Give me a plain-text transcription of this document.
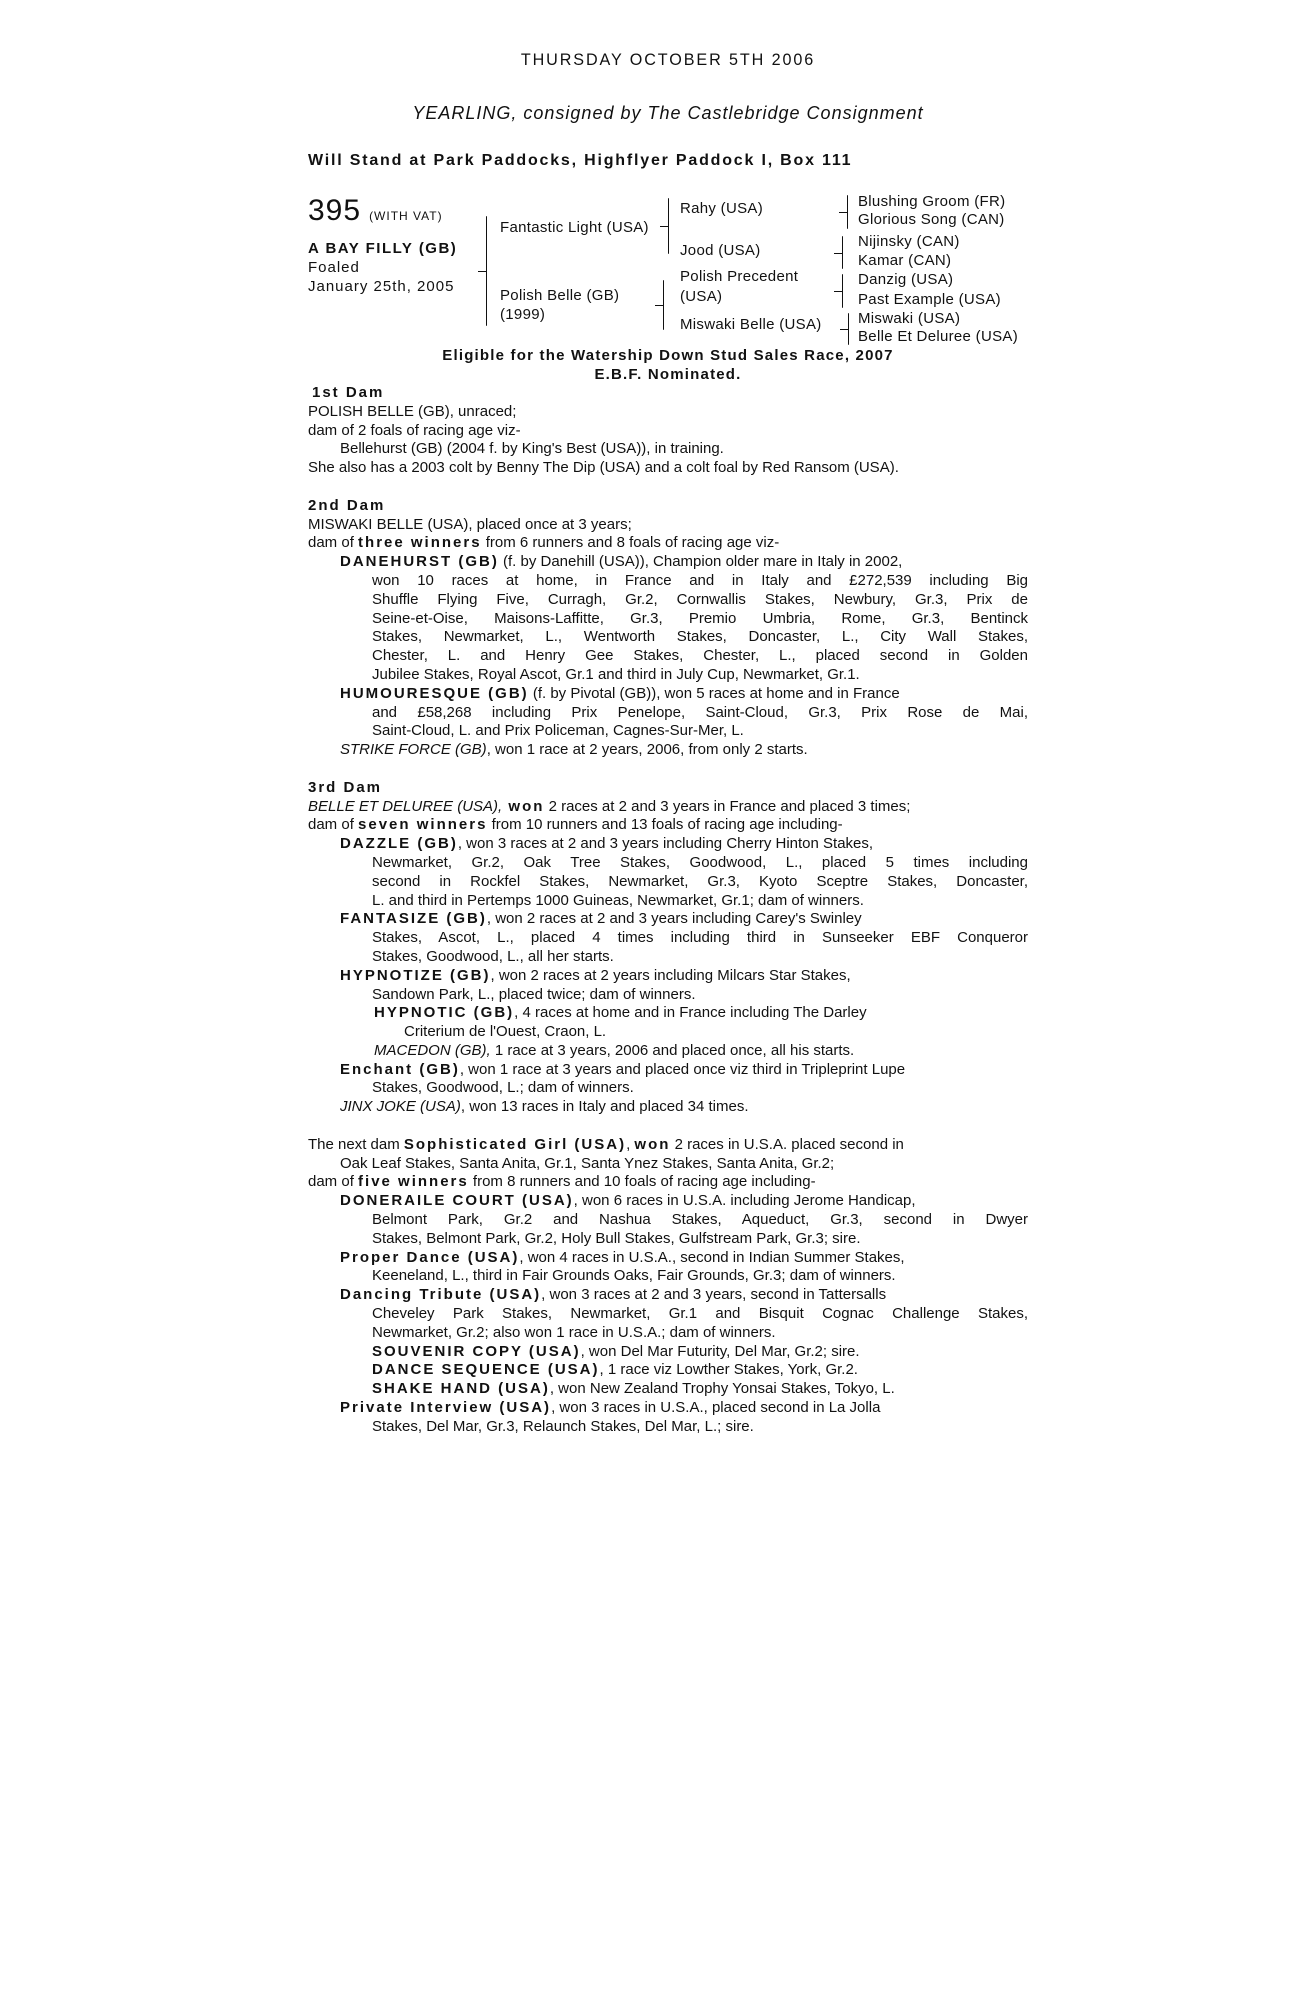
THURSDAY OCTOBER 5TH 2006
YEARLING, consigned by The Castlebridge Consignment
Will Stand at Park Paddocks, Highflyer Paddock I, Box 111
395 (WITH VAT)
A BAY FILLY (GB)
Foaled
January 25th, 2005
Fantastic Light (USA)
Polish Belle (GB)
(1999)
Rahy (USA)
Jood (USA)
Polish Precedent
(USA)
Miswaki Belle (USA)
Blushing Groom (FR)
Glorious Song (CAN)
Nijinsky (CAN)
Kamar (CAN)
Danzig (USA)
Past Example (USA)
Miswaki (USA)
Belle Et Deluree (USA)
Eligible for the Watership Down Stud Sales Race, 2007
E.B.F. Nominated.
1st Dam
POLISH BELLE (GB), unraced;
dam of 2 foals of racing age viz-
Bellehurst (GB) (2004 f. by King's Best (USA)), in training.
She also has a 2003 colt by Benny The Dip (USA) and a colt foal by Red Ransom (USA).
2nd Dam
MISWAKI BELLE (USA), placed once at 3 years;
dam of three winners from 6 runners and 8 foals of racing age viz-
DANEHURST (GB) (f. by Danehill (USA)), Champion older mare in Italy in 2002,
won 10 races at home, in France and in Italy and £272,539 including Big
Shuffle Flying Five, Curragh, Gr.2, Cornwallis Stakes, Newbury, Gr.3, Prix de
Seine-et-Oise, Maisons-Laffitte, Gr.3, Premio Umbria, Rome, Gr.3, Bentinck
Stakes, Newmarket, L., Wentworth Stakes, Doncaster, L., City Wall Stakes,
Chester, L. and Henry Gee Stakes, Chester, L., placed second in Golden
Jubilee Stakes, Royal Ascot, Gr.1 and third in July Cup, Newmarket, Gr.1.
HUMOURESQUE (GB) (f. by Pivotal (GB)), won 5 races at home and in France
and £58,268 including Prix Penelope, Saint-Cloud, Gr.3, Prix Rose de Mai,
Saint-Cloud, L. and Prix Policeman, Cagnes-Sur-Mer, L.
STRIKE FORCE (GB), won 1 race at 2 years, 2006, from only 2 starts.
3rd Dam
BELLE ET DELUREE (USA), won 2 races at 2 and 3 years in France and placed 3 times;
dam of seven winners from 10 runners and 13 foals of racing age including-
DAZZLE (GB), won 3 races at 2 and 3 years including Cherry Hinton Stakes,
Newmarket, Gr.2, Oak Tree Stakes, Goodwood, L., placed 5 times including
second in Rockfel Stakes, Newmarket, Gr.3, Kyoto Sceptre Stakes, Doncaster,
L. and third in Pertemps 1000 Guineas, Newmarket, Gr.1; dam of winners.
FANTASIZE (GB), won 2 races at 2 and 3 years including Carey's Swinley
Stakes, Ascot, L., placed 4 times including third in Sunseeker EBF Conqueror
Stakes, Goodwood, L., all her starts.
HYPNOTIZE (GB), won 2 races at 2 years including Milcars Star Stakes,
Sandown Park, L., placed twice; dam of winners.
HYPNOTIC (GB), 4 races at home and in France including The Darley
Criterium de l'Ouest, Craon, L.
MACEDON (GB), 1 race at 3 years, 2006 and placed once, all his starts.
Enchant (GB), won 1 race at 3 years and placed once viz third in Tripleprint Lupe
Stakes, Goodwood, L.; dam of winners.
JINX JOKE (USA), won 13 races in Italy and placed 34 times.
The next dam Sophisticated Girl (USA), won 2 races in U.S.A. placed second in
Oak Leaf Stakes, Santa Anita, Gr.1, Santa Ynez Stakes, Santa Anita, Gr.2;
dam of five winners from 8 runners and 10 foals of racing age including-
DONERAILE COURT (USA), won 6 races in U.S.A. including Jerome Handicap,
Belmont Park, Gr.2 and Nashua Stakes, Aqueduct, Gr.3, second in Dwyer
Stakes, Belmont Park, Gr.2, Holy Bull Stakes, Gulfstream Park, Gr.3; sire.
Proper Dance (USA), won 4 races in U.S.A., second in Indian Summer Stakes,
Keeneland, L., third in Fair Grounds Oaks, Fair Grounds, Gr.3; dam of winners.
Dancing Tribute (USA), won 3 races at 2 and 3 years, second in Tattersalls
Cheveley Park Stakes, Newmarket, Gr.1 and Bisquit Cognac Challenge Stakes,
Newmarket, Gr.2; also won 1 race in U.S.A.; dam of winners.
SOUVENIR COPY (USA), won Del Mar Futurity, Del Mar, Gr.2; sire.
DANCE SEQUENCE (USA), 1 race viz Lowther Stakes, York, Gr.2.
SHAKE HAND (USA), won New Zealand Trophy Yonsai Stakes, Tokyo, L.
Private Interview (USA), won 3 races in U.S.A., placed second in La Jolla
Stakes, Del Mar, Gr.3, Relaunch Stakes, Del Mar, L.; sire.
